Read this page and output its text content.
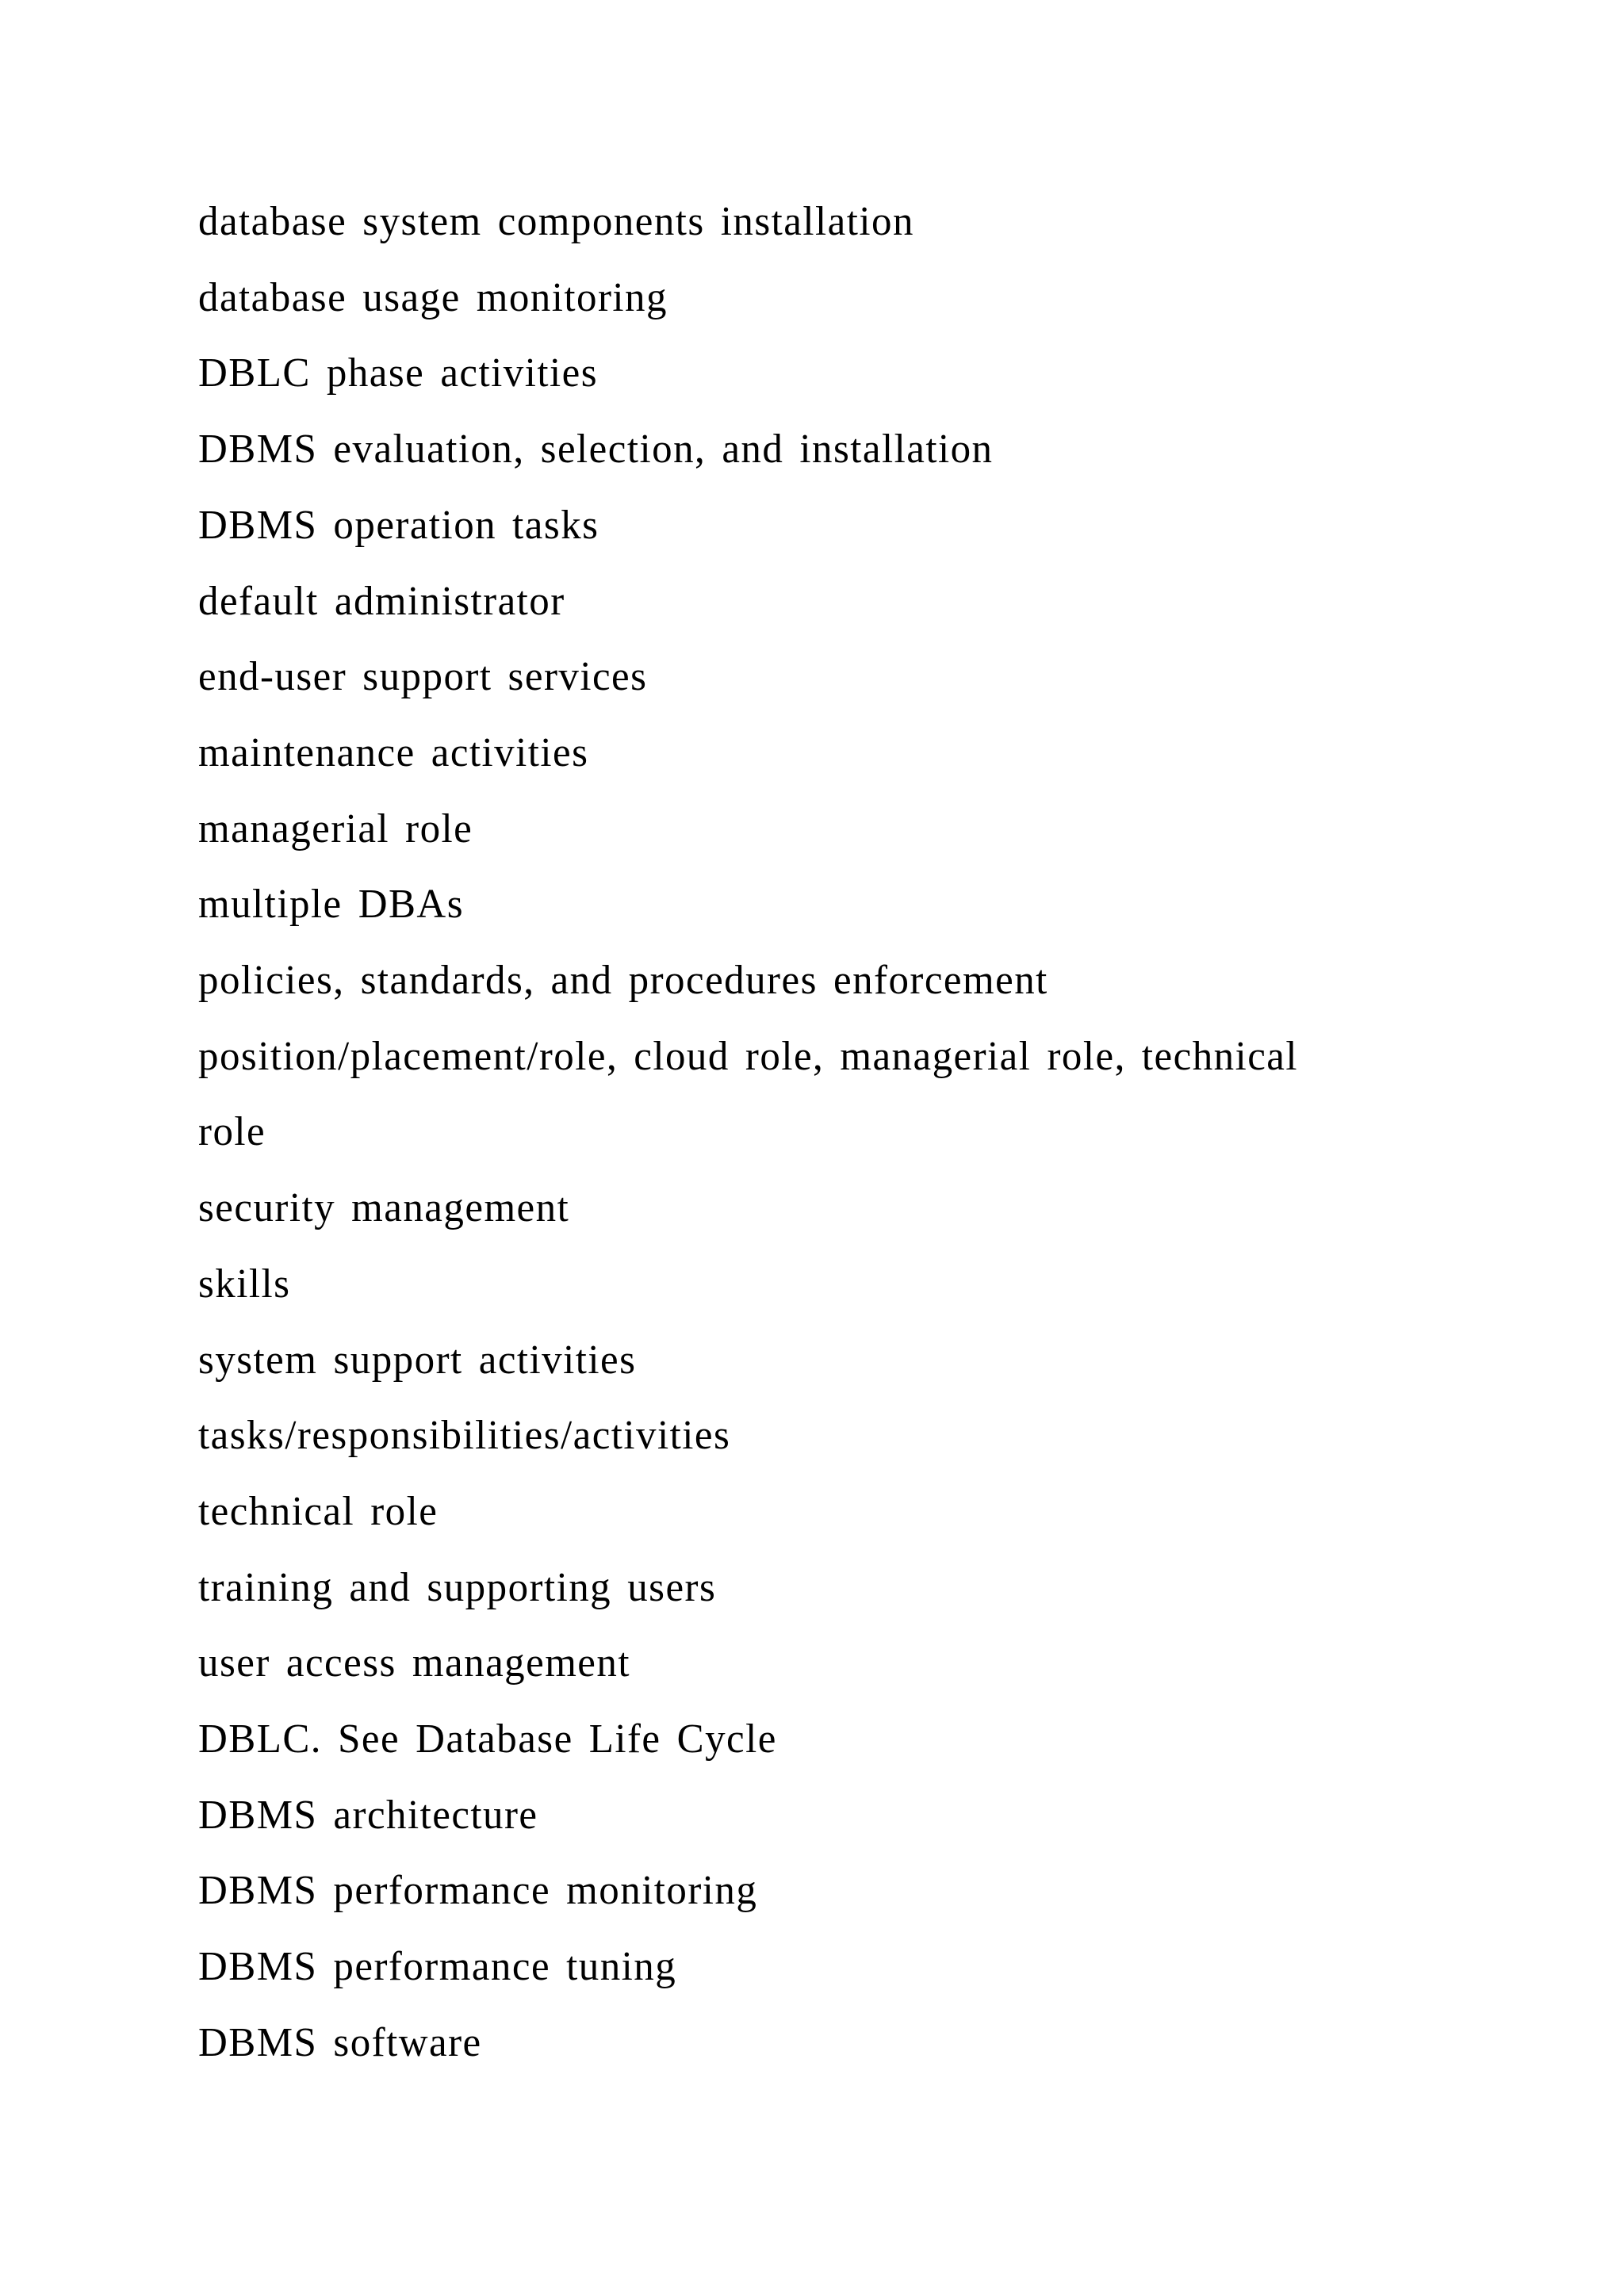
database system components installation
database usage monitoring
DBLC phase activities
DBMS evaluation, selection, and installation
DBMS operation tasks
default administrator
end-user support services
maintenance activities
managerial role
multiple DBAs
policies, standards, and procedures enforcement
position/placement/role, cloud role, managerial role, technical
role
security management
skills
system support activities
tasks/responsibilities/activities
technical role
training and supporting users
user access management
DBLC. See Database Life Cycle
DBMS architecture
DBMS performance monitoring
DBMS performance tuning
DBMS software
